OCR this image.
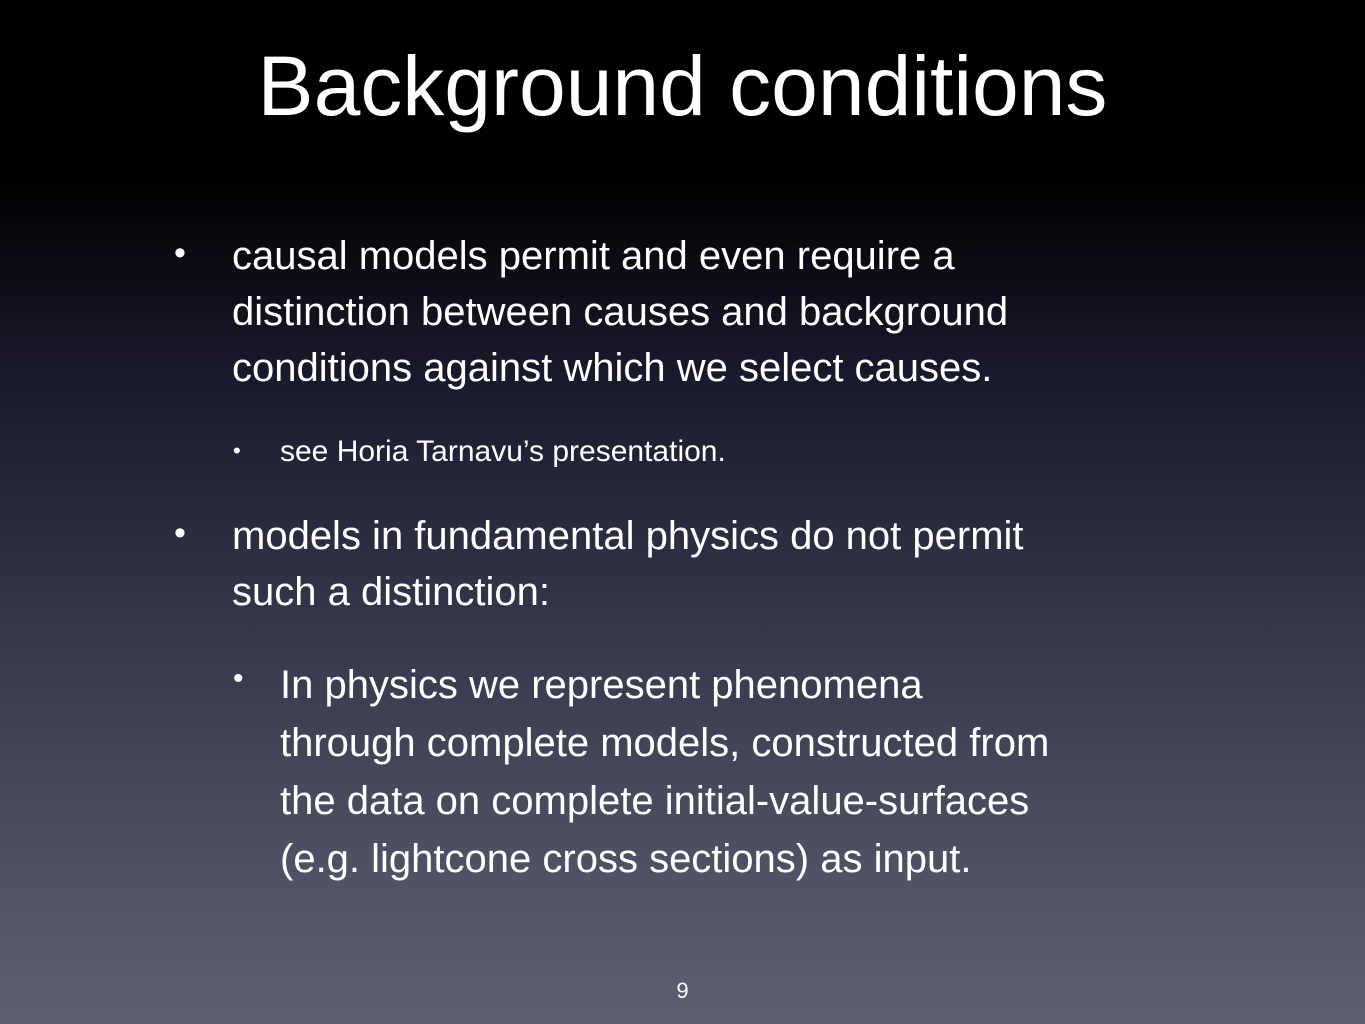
Background conditions
• causal models permit and even require a
distinction between causes and background
conditions against which we select causes.
• see Horia Tarnavu’s presentation.
• models in fundamental physics do not permit
such a distinction:
• In physics we represent phenomena
through complete models, constructed from
the data on complete initial-value-surfaces
(e.g. lightcone cross sections) as input.
9
